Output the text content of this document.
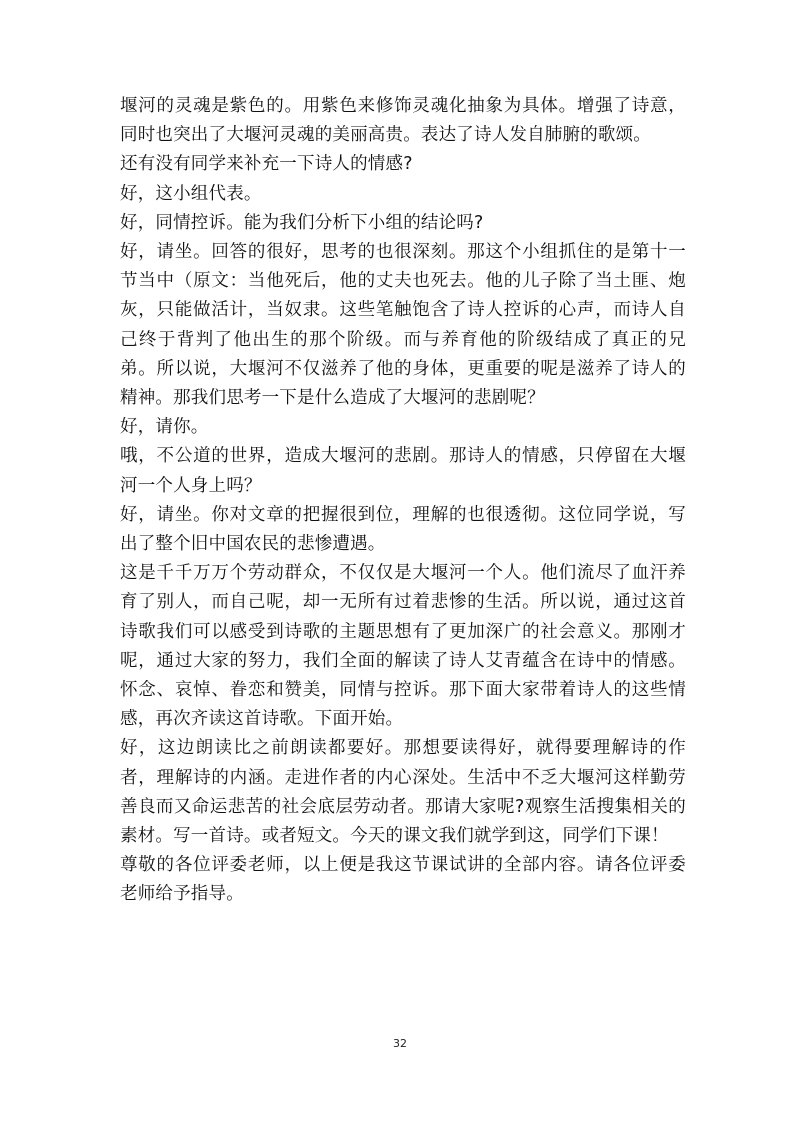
堰河的灵魂是紫色的。用紫色来修饰灵魂化抽象为具体。增强了诗意，同时也突出了大堰河灵魂的美丽高贵。表达了诗人发自肺腑的歌颂。

还有没有同学来补充一下诗人的情感?

好，这小组代表。

好，同情控诉。能为我们分析下小组的结论吗?

好，请坐。回答的很好，思考的也很深刻。那这个小组抓住的是第十一节当中（原文：当他死后，他的丈夫也死去。他的儿子除了当土匪、炮灰，只能做活计，当奴隶。这些笔触饱含了诗人控诉的心声，而诗人自己终于背判了他出生的那个阶级。而与养育他的阶级结成了真正的兄弟。所以说，大堰河不仅滋养了他的身体，更重要的呢是滋养了诗人的精神。那我们思考一下是什么造成了大堰河的悲剧呢？

好，请你。

哦，不公道的世界，造成大堰河的悲剧。那诗人的情感，只停留在大堰河一个人身上吗？

好，请坐。你对文章的把握很到位，理解的也很透彻。这位同学说，写出了整个旧中国农民的悲惨遭遇。

这是千千万万个劳动群众，不仅仅是大堰河一个人。他们流尽了血汗养育了别人，而自己呢，却一无所有过着悲惨的生活。所以说，通过这首诗歌我们可以感受到诗歌的主题思想有了更加深广的社会意义。那刚才呢，通过大家的努力，我们全面的解读了诗人艾青蕴含在诗中的情感。怀念、哀悼、眷恋和赞美，同情与控诉。那下面大家带着诗人的这些情感，再次齐读这首诗歌。下面开始。

好，这边朗读比之前朗读都要好。那想要读得好，就得要理解诗的作者，理解诗的内涵。走进作者的内心深处。生活中不乏大堰河这样勤劳善良而又命运悲苦的社会底层劳动者。那请大家呢?观察生活搜集相关的素材。写一首诗。或者短文。今天的课文我们就学到这，同学们下课！

尊敬的各位评委老师，以上便是我这节课试讲的全部内容。请各位评委老师给予指导。

32
